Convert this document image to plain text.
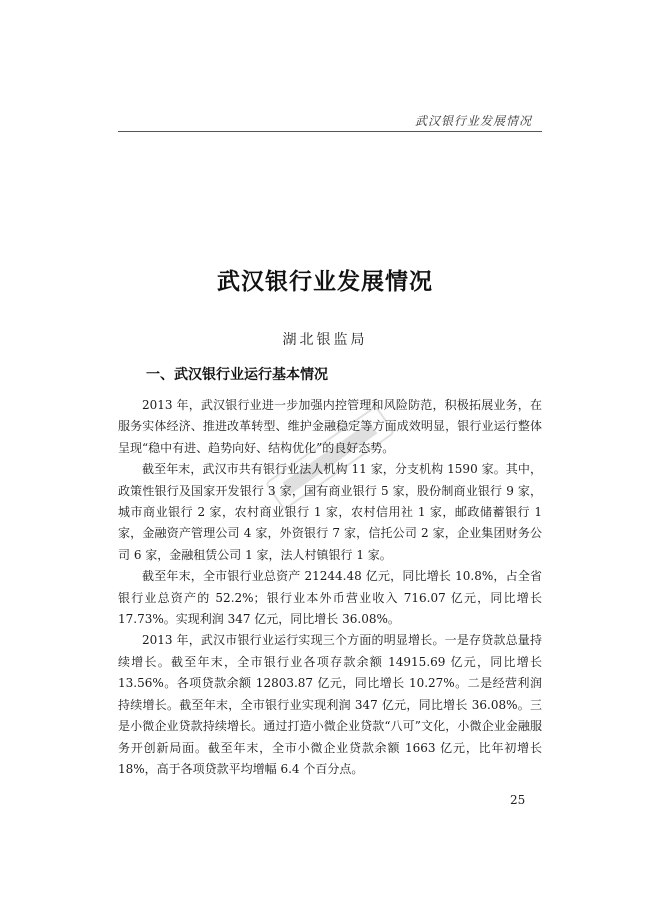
武汉银行业发展情况
武汉银行业发展情况
湖北银监局
一、武汉银行业运行基本情况

2013 年，武汉银行业进一步加强内控管理和风险防范，积极拓展业务，在服务实体经济、推进改革转型、维护金融稳定等方面成效明显，银行业运行整体呈现“稳中有进、趋势向好、结构优化”的良好态势。

截至年末，武汉市共有银行业法人机构 11 家，分支机构 1590 家。其中，政策性银行及国家开发银行 3 家，国有商业银行 5 家，股份制商业银行 9 家，城市商业银行 2 家，农村商业银行 1 家，农村信用社 1 家，邮政储蓄银行 1 家，金融资产管理公司 4 家，外资银行 7 家，信托公司 2 家，企业集团财务公司 6 家，金融租赁公司 1 家，法人村镇银行 1 家。

截至年末，全市银行业总资产 21244.48 亿元，同比增长 10.8%，占全省银行业总资产的 52.2%；银行业本外币营业收入 716.07 亿元，同比增长 17.73%。实现利润 347 亿元，同比增长 36.08%。

2013 年，武汉市银行业运行实现三个方面的明显增长。一是存贷款总量持续增长。截至年末，全市银行业各项存款余额 14915.69 亿元，同比增长 13.56%。各项贷款余额 12803.87 亿元，同比增长 10.27%。二是经营利润持续增长。截至年末，全市银行业实现利润 347 亿元，同比增长 36.08%。三是小微企业贷款持续增长。通过打造小微企业贷款“八可”文化，小微企业金融服务开创新局面。截至年末，全市小微企业贷款余额 1663 亿元，比年初增长 18%，高于各项贷款平均增幅 6.4 个百分点。

25
